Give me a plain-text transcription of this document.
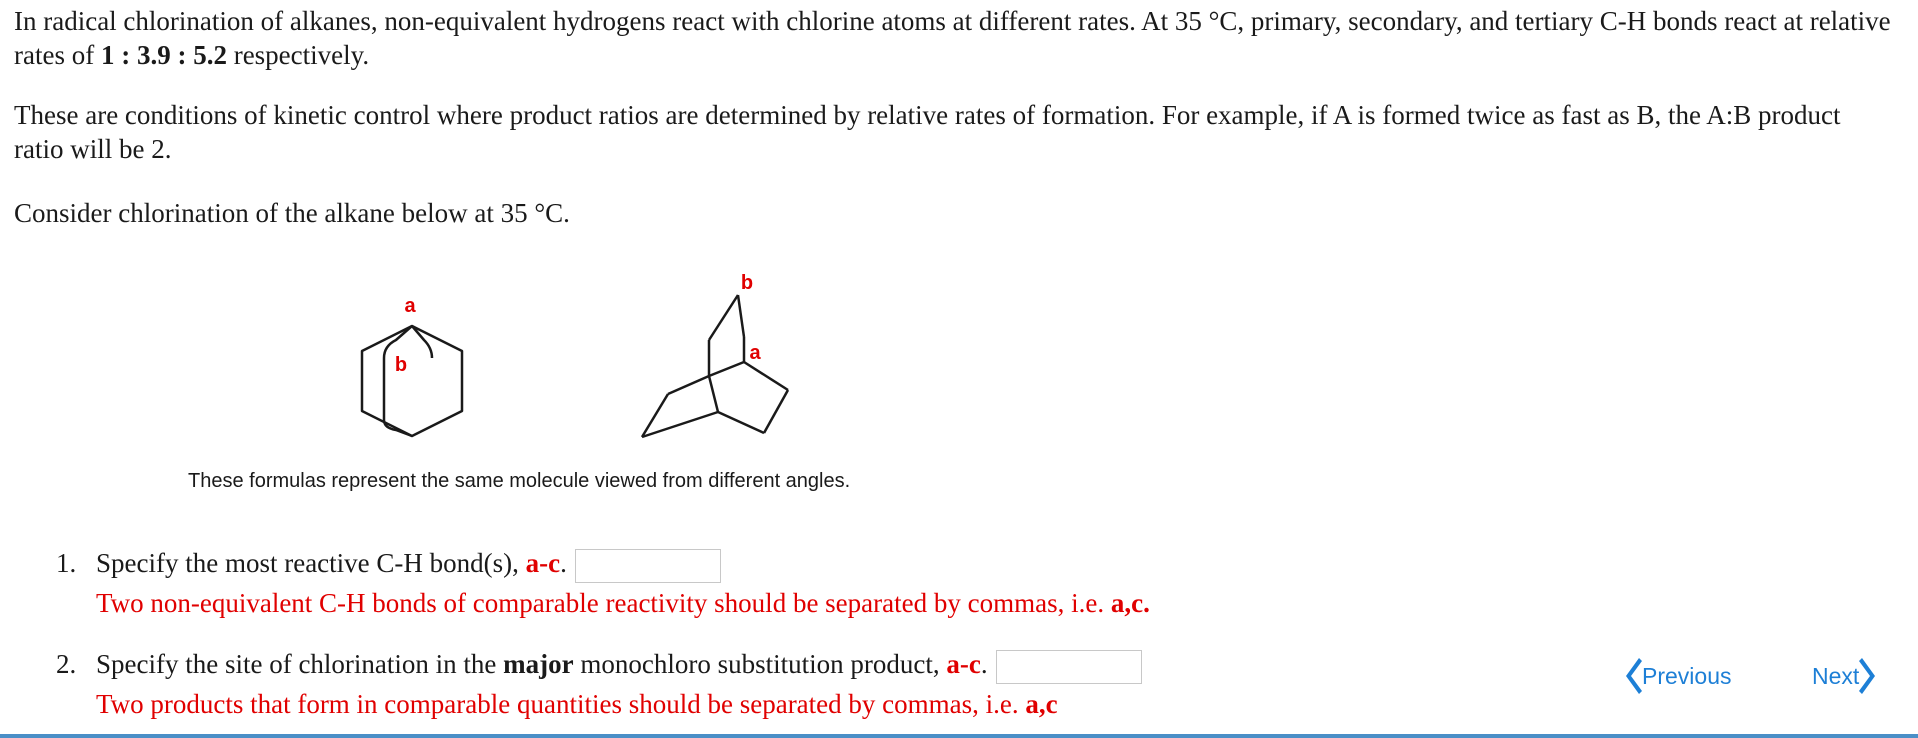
In radical chlorination of alkanes, non-equivalent hydrogens react with chlorine atoms at different rates. At 35 °C, primary, secondary, and tertiary C-H bonds react at relative rates of 1 : 3.9 : 5.2 respectively.

These are conditions of kinetic control where product ratios are determined by relative rates of formation. For example, if A is formed twice as fast as B, the A:B product ratio will be 2.

Consider chlorination of the alkane below at 35 °C.

a
b
b
a
These formulas represent the same molecule viewed from different angles.
1. Specify the most reactive C-H bond(s), a-c.
Two non-equivalent C-H bonds of comparable reactivity should be separated by commas, i.e. a,c.
2. Specify the site of chlorination in the major monochloro substitution product, a-c.
Two products that form in comparable quantities should be separated by commas, i.e. a,c
Previous	Next
